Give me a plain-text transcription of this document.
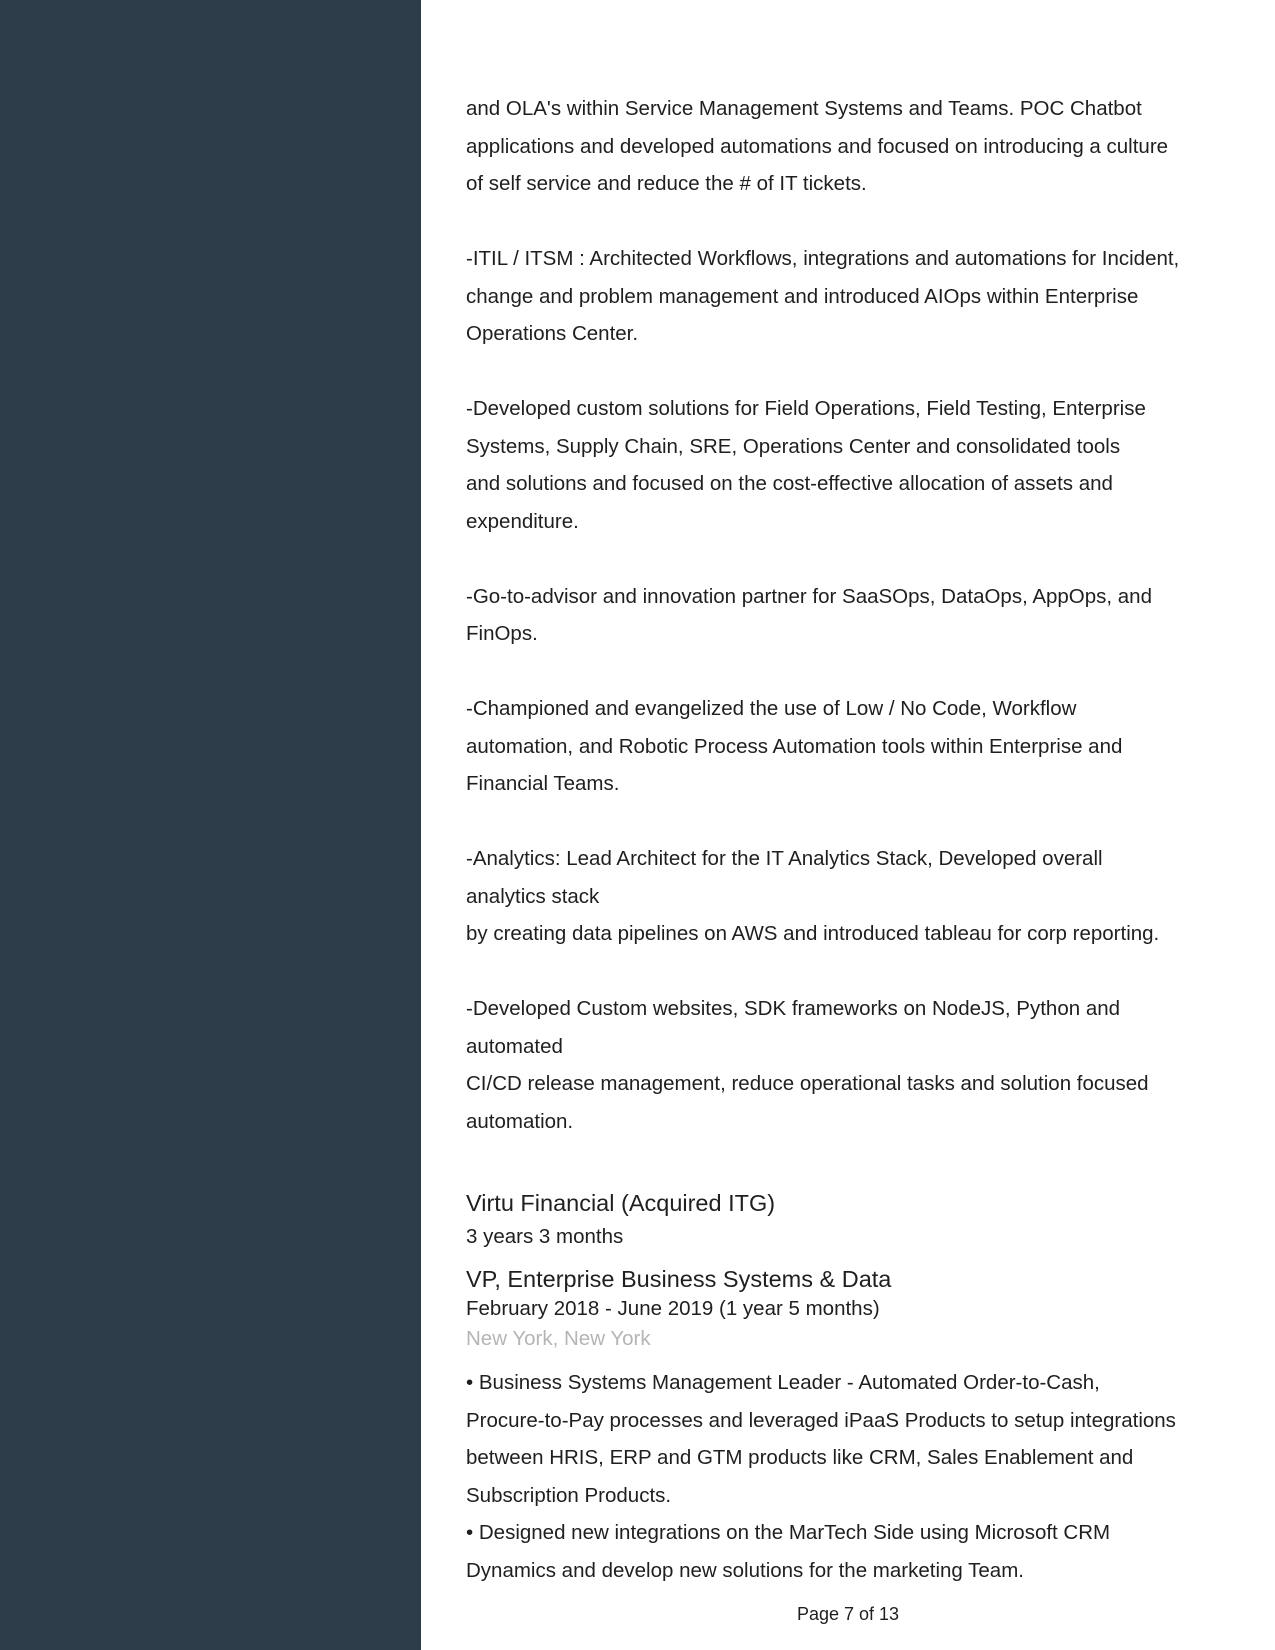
and OLA's within Service Management Systems and Teams. POC Chatbot
applications and developed automations and focused on introducing a culture
of self service and reduce the # of IT tickets.

-ITIL / ITSM : Architected Workflows, integrations and automations for Incident,
change and problem management and introduced AIOps within Enterprise
Operations Center.

-Developed custom solutions for Field Operations, Field Testing, Enterprise
Systems, Supply Chain, SRE, Operations Center and consolidated tools
and solutions and focused on the cost-effective allocation of assets and
expenditure.

-Go-to-advisor and innovation partner for SaaSOps, DataOps, AppOps, and
FinOps.

-Championed and evangelized the use of Low / No Code, Workflow
automation, and Robotic Process Automation tools within Enterprise and
Financial Teams.

-Analytics: Lead Architect for the IT Analytics Stack, Developed overall
analytics stack
by creating data pipelines on AWS and introduced tableau for corp reporting.

-Developed Custom websites, SDK frameworks on NodeJS, Python and
automated
CI/CD release management, reduce operational tasks and solution focused
automation.

Virtu Financial (Acquired ITG)
3 years 3 months
VP, Enterprise Business Systems & Data
February 2018 - June 2019 (1 year 5 months)
New York, New York
• Business Systems Management Leader - Automated Order-to-Cash,
Procure-to-Pay processes and leveraged iPaaS Products to setup integrations
between HRIS, ERP and GTM products like CRM, Sales Enablement and
Subscription Products.
• Designed new integrations on the MarTech Side using Microsoft CRM
Dynamics and develop new solutions for the marketing Team.
Page 7 of 13
